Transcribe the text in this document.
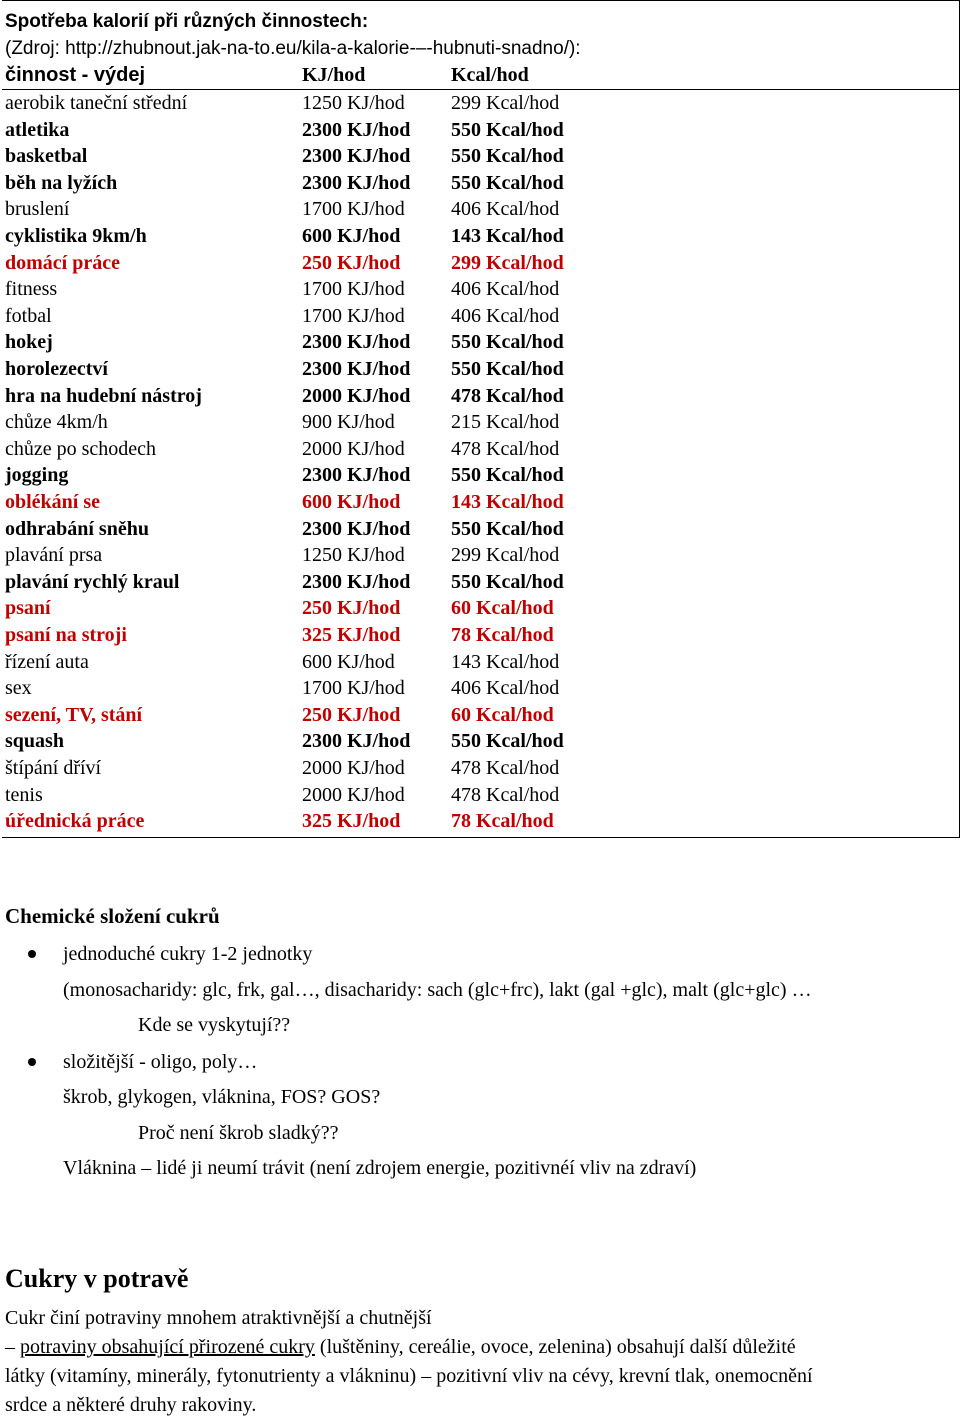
Spotřeba kalorií při různých činnostech:
(Zdroj: http://zhubnout.jak-na-to.eu/kila-a-kalorie-–-hubnuti-snadno/):
činnost - výdej	KJ/hod	Kcal/hod
aerobik taneční střední	1250 KJ/hod 299 Kcal/hod
atletika	2300 KJ/hod 550 Kcal/hod
basketbal	2300 KJ/hod 550 Kcal/hod
běh na lyžích	2300 KJ/hod 550 Kcal/hod
bruslení	1700 KJ/hod 406 Kcal/hod
cyklistika 9km/h	600 KJ/hod	143 Kcal/hod
domácí práce	250 KJ/hod	299 Kcal/hod
fitness	1700 KJ/hod 406 Kcal/hod
fotbal	1700 KJ/hod 406 Kcal/hod
hokej	2300 KJ/hod 550 Kcal/hod
horolezectví	2300 KJ/hod 550 Kcal/hod
hra na hudební nástroj	2000 KJ/hod 478 Kcal/hod
chůze 4km/h	900 KJ/hod	215 Kcal/hod
chůze po schodech	2000 KJ/hod 478 Kcal/hod
jogging	2300 KJ/hod 550 Kcal/hod
oblékání se	600 KJ/hod	143 Kcal/hod
odhrabání sněhu	2300 KJ/hod 550 Kcal/hod
plavání prsa	1250 KJ/hod 299 Kcal/hod
plavání rychlý kraul	2300 KJ/hod 550 Kcal/hod
psaní	250 KJ/hod	60 Kcal/hod
psaní na stroji	325 KJ/hod	78 Kcal/hod
řízení auta	600 KJ/hod	143 Kcal/hod
sex	1700 KJ/hod 406 Kcal/hod
sezení, TV, stání	250 KJ/hod	60 Kcal/hod
squash	2300 KJ/hod 550 Kcal/hod
štípání dříví	2000 KJ/hod 478 Kcal/hod
tenis	2000 KJ/hod 478 Kcal/hod
úřednická práce	325 KJ/hod	78 Kcal/hod
Chemické složení cukrů
jednoduché cukry 1-2 jednotky
(monosacharidy: glc, frk, gal…, disacharidy: sach (glc+frc), lakt (gal +glc), malt (glc+glc) …
Kde se vyskytují??
složitější - oligo, poly…
škrob, glykogen, vláknina, FOS? GOS?
Proč není škrob sladký??
Vláknina – lidé ji neumí trávit (není zdrojem energie, pozitivnéí vliv na zdraví)
Cukry v potravě
Cukr činí potraviny mnohem atraktivnější a chutnější
– potraviny obsahující přirozené cukry (luštěniny, cereálie, ovoce, zelenina) obsahují další důležité
látky (vitamíny, minerály, fytonutrienty a vlákninu) – pozitivní vliv na cévy, krevní tlak, onemocnění
srdce a některé druhy rakoviny.
